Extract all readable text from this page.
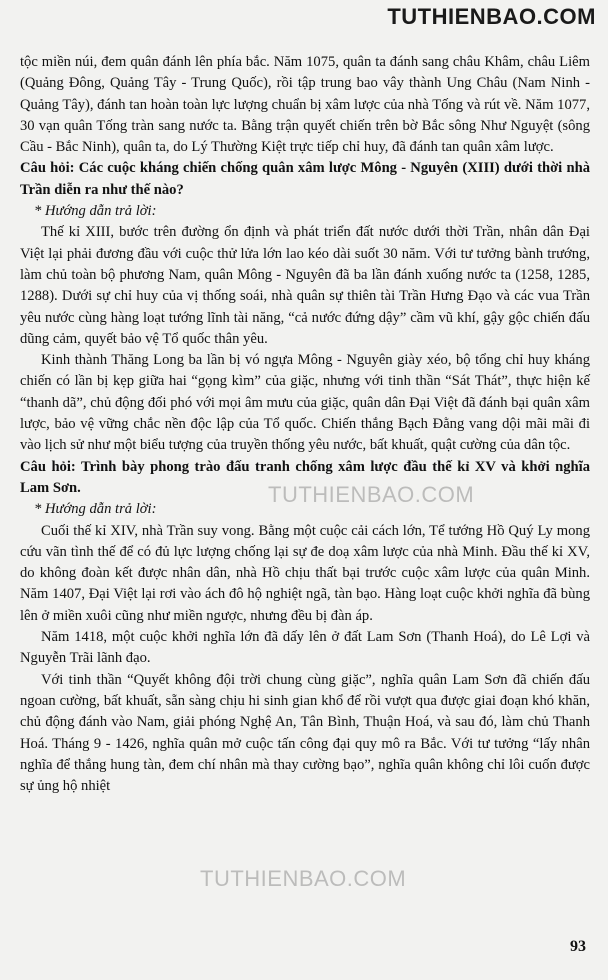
TUTHIENBAO.COM

tộc miền núi, đem quân đánh lên phía bắc. Năm 1075, quân ta đánh sang châu Khâm, châu Liêm (Quảng Đông, Quảng Tây - Trung Quốc), rồi tập trung bao vây thành Ung Châu (Nam Ninh - Quảng Tây), đánh tan hoàn toàn lực lượng chuẩn bị xâm lược của nhà Tống và rút về. Năm 1077, 30 vạn quân Tống tràn sang nước ta. Bằng trận quyết chiến trên bờ Bắc sông Như Nguyệt (sông Cầu - Bắc Ninh), quân ta, do Lý Thường Kiệt trực tiếp chỉ huy, đã đánh tan quân xâm lược.

Câu hỏi: Các cuộc kháng chiến chống quân xâm lược Mông - Nguyên (XIII) dưới thời nhà Trần diễn ra như thế nào?

* Hướng dẫn trả lời:

Thế kỉ XIII, bước trên đường ổn định và phát triển đất nước dưới thời Trần, nhân dân Đại Việt lại phải đương đầu với cuộc thử lửa lớn lao kéo dài suốt 30 năm. Với tư tưởng bành trướng, làm chủ toàn bộ phương Nam, quân Mông - Nguyên đã ba lần đánh xuống nước ta (1258, 1285, 1288). Dưới sự chỉ huy của vị thống soái, nhà quân sự thiên tài Trần Hưng Đạo và các vua Trần yêu nước cùng hàng loạt tướng lĩnh tài năng, “cả nước đứng dậy” cầm vũ khí, gậy gộc chiến đấu dũng cảm, quyết bảo vệ Tổ quốc thân yêu.

Kinh thành Thăng Long ba lần bị vó ngựa Mông - Nguyên giày xéo, bộ tổng chỉ huy kháng chiến có lần bị kẹp giữa hai “gọng kìm” của giặc, nhưng với tinh thần “Sát Thát”, thực hiện kế “thanh dã”, chủ động đối phó với mọi âm mưu của giặc, quân dân Đại Việt đã đánh bại quân xâm lược, bảo vệ vững chắc nền độc lập của Tổ quốc. Chiến thắng Bạch Đằng vang dội mãi mãi đi vào lịch sử như một biểu tượng của truyền thống yêu nước, bất khuất, quật cường của dân tộc.

Câu hỏi: Trình bày phong trào đấu tranh chống xâm lược đầu thế kỉ XV và khởi nghĩa Lam Sơn.

* Hướng dẫn trả lời:

Cuối thế kỉ XIV, nhà Trần suy vong. Bằng một cuộc cải cách lớn, Tể tướng Hồ Quý Ly mong cứu vãn tình thế để có đủ lực lượng chống lại sự đe doạ xâm lược của nhà Minh. Đầu thế kỉ XV, do không đoàn kết được nhân dân, nhà Hồ chịu thất bại trước cuộc xâm lược của quân Minh. Năm 1407, Đại Việt lại rơi vào ách đô hộ nghiệt ngã, tàn bạo. Hàng loạt cuộc khởi nghĩa đã bùng lên ở miền xuôi cũng như miền ngược, nhưng đều bị đàn áp.

Năm 1418, một cuộc khởi nghĩa lớn đã dấy lên ở đất Lam Sơn (Thanh Hoá), do Lê Lợi và Nguyễn Trãi lãnh đạo.

Với tinh thần “Quyết không đội trời chung cùng giặc”, nghĩa quân Lam Sơn đã chiến đấu ngoan cường, bất khuất, sẵn sàng chịu hi sinh gian khổ để rồi vượt qua được giai đoạn khó khăn, chủ động đánh vào Nam, giải phóng Nghệ An, Tân Bình, Thuận Hoá, và sau đó, làm chủ Thanh Hoá. Tháng 9 - 1426, nghĩa quân mở cuộc tấn công đại quy mô ra Bắc. Với tư tưởng “lấy nhân nghĩa để thắng hung tàn, đem chí nhân mà thay cường bạo”, nghĩa quân không chỉ lôi cuốn được sự ủng hộ nhiệt

TUTHIENBAO.COM
TUTHIENBAO.COM
93
